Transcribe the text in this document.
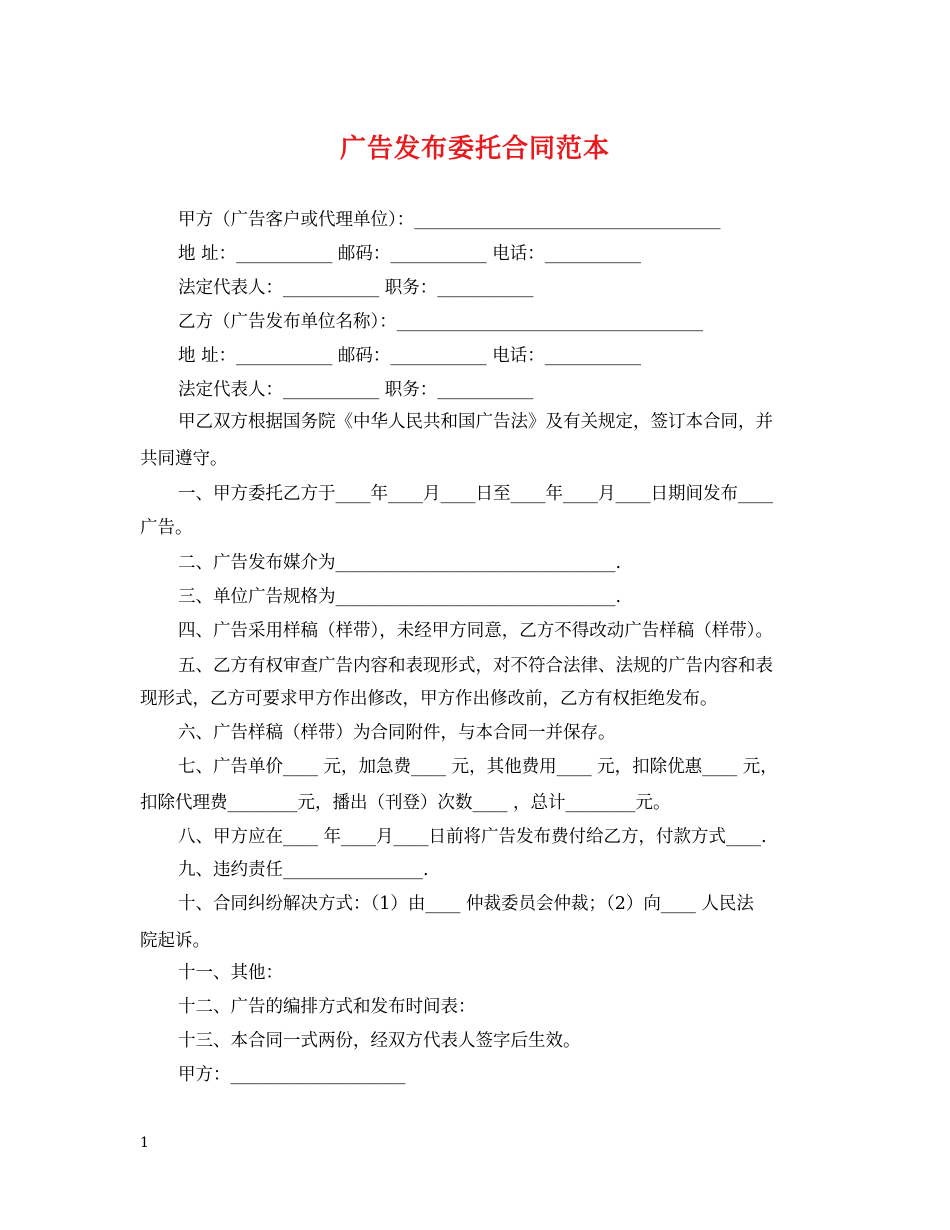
广告发布委托合同范本
甲方（广告客户或代理单位）：___________________________________
地 址：___________ 邮码：___________ 电话：___________
法定代表人：___________ 职务：___________
乙方（广告发布单位名称）：___________________________________
地 址：___________ 邮码：___________ 电话：___________
法定代表人：___________ 职务：___________
甲乙双方根据国务院《中华人民共和国广告法》及有关规定，签订本合同，并
共同遵守。
一、甲方委托乙方于____年____月____日至____年____月____日期间发布____
广告。
二、广告发布媒介为________________________________.
三、单位广告规格为________________________________.
四、广告采用样稿（样带），未经甲方同意，乙方不得改动广告样稿（样带）。
五、乙方有权审查广告内容和表现形式，对不符合法律、法规的广告内容和表
现形式，乙方可要求甲方作出修改，甲方作出修改前，乙方有权拒绝发布。
六、广告样稿（样带）为合同附件，与本合同一并保存。
七、广告单价____ 元，加急费____ 元，其他费用____ 元，扣除优惠____ 元，
扣除代理费________元，播出（刊登）次数____ ，总计________元。
八、甲方应在____ 年____月____日前将广告发布费付给乙方，付款方式____.
九、违约责任________________.
十、合同纠纷解决方式：（1）由____ 仲裁委员会仲裁；（2）向____ 人民法
院起诉。
十一、其他：
十二、广告的编排方式和发布时间表：
十三、本合同一式两份，经双方代表人签字后生效。
甲方：____________________
1
